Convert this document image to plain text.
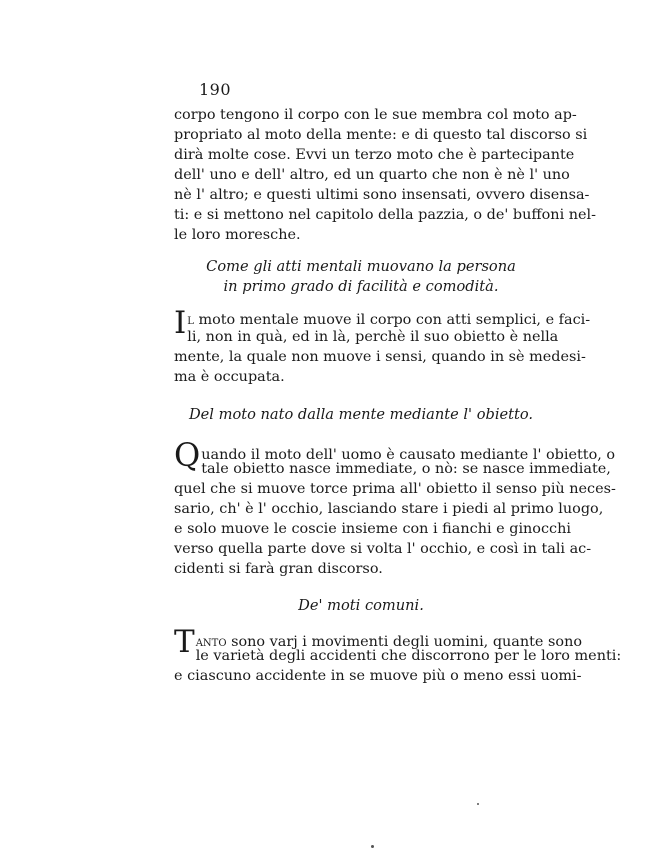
190
corpo tengono il corpo con le sue membra col moto ap-
propriato al moto della mente: e di questo tal discorso si
dirà molte cose. Evvi un terzo moto che è partecipante
dell' uno e dell' altro, ed un quarto che non è nè l' uno
nè l' altro; e questi ultimi sono insensati, ovvero disensa-
ti: e si mettono nel capitolo della pazzia, o de' buffoni nel-
le loro moresche.
Come gli atti mentali muovano la persona
in primo grado di facilità e comodità.
I l moto mentale muove il corpo con atti semplici, e faci-
li, non in quà, ed in là, perchè il suo obietto è nella
mente, la quale non muove i sensi, quando in sè medesi-
ma è occupata.
Del moto nato dalla mente mediante l' obietto.
Q uando il moto dell' uomo è causato mediante l' obietto, o
tale obietto nasce immediate, o nò: se nasce immediate,
quel che si muove torce prima all' obietto il senso più neces-
sario, ch' è l' occhio, lasciando stare i piedi al primo luogo,
e solo muove le coscie insieme con i fianchi e ginocchi
verso quella parte dove si volta l' occhio, e così in tali ac-
cidenti si farà gran discorso.
De' moti comuni.
T anto sono varj i movimenti degli uomini, quante sono
le varietà degli accidenti che discorrono per le loro menti:
e ciascuno accidente in se muove più o meno essi uomi-
